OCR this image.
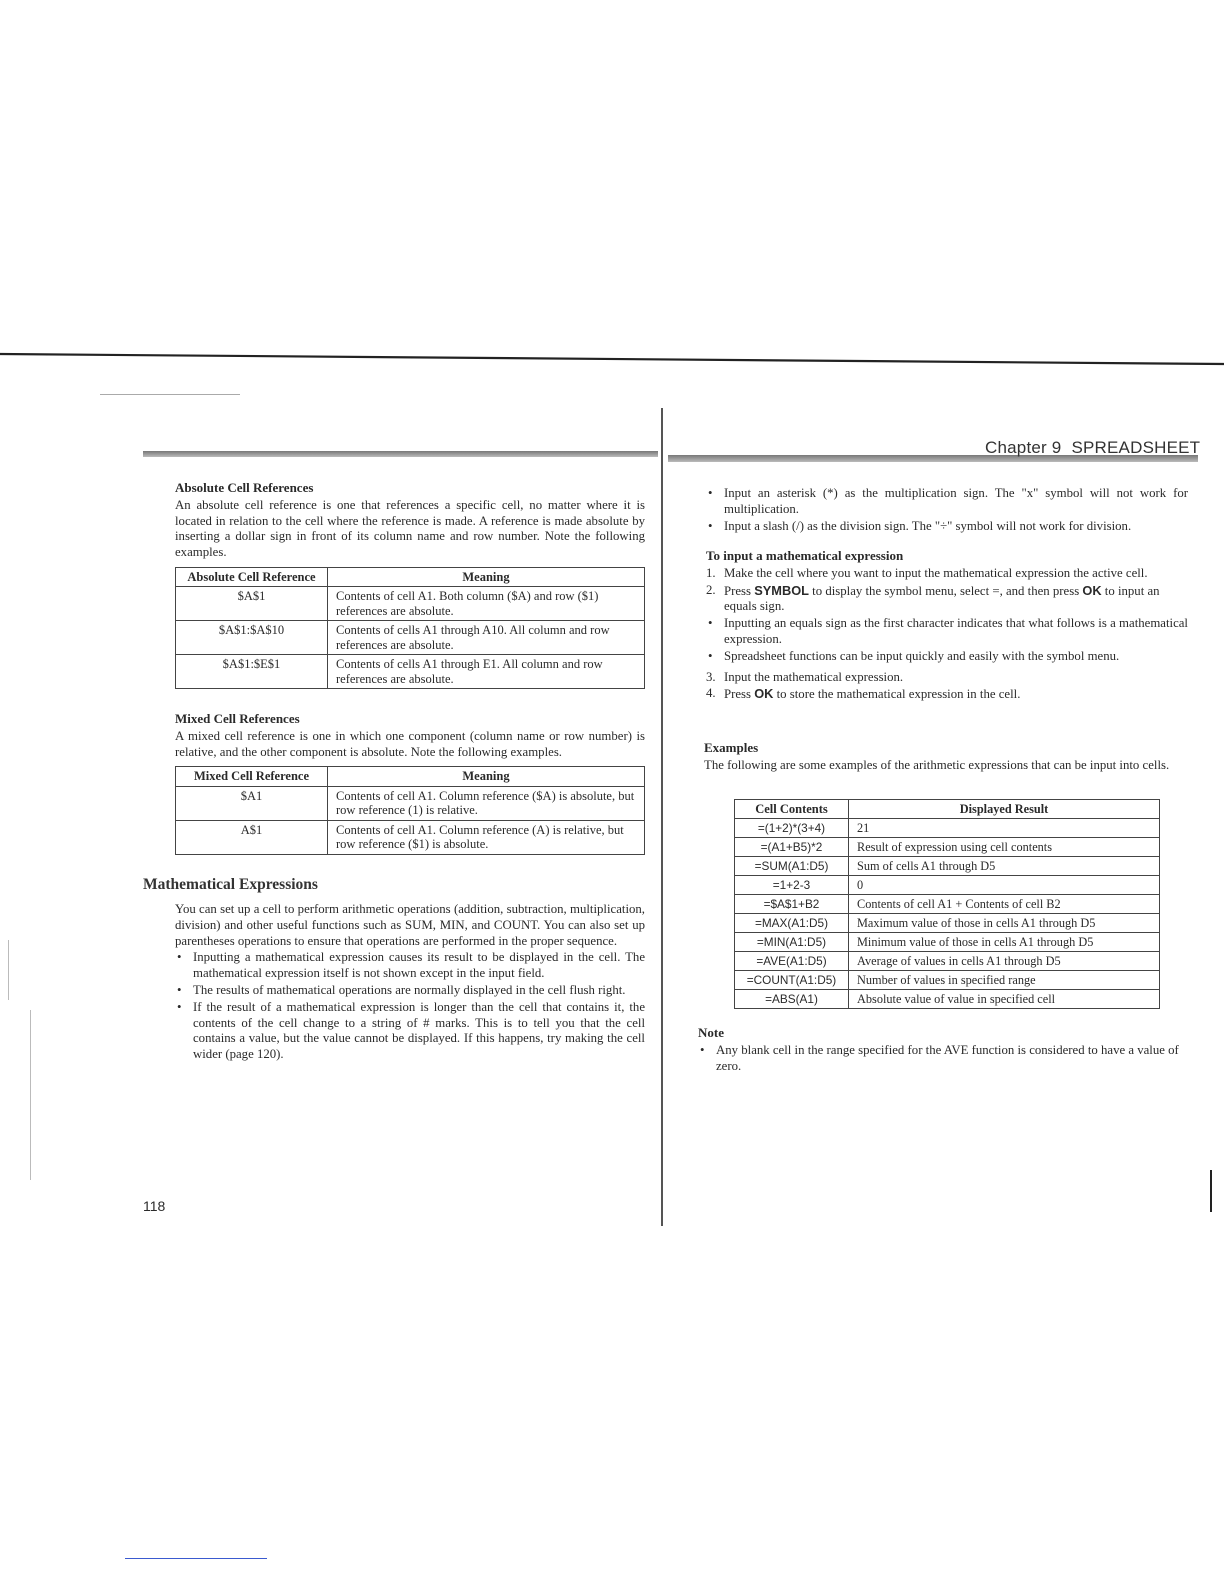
Chapter 9 SPREADSHEET
Absolute Cell References

An absolute cell reference is one that references a specific cell, no matter where it is located in relation to the cell where the reference is made. A reference is made absolute by inserting a dollar sign in front of its column name and row number. Note the following examples.

Absolute Cell Reference	Meaning
$A$1	Contents of cell A1. Both column ($A) and row ($1) references are absolute.
$A$1:$A$10	Contents of cells A1 through A10. All column and row references are absolute.
$A$1:$E$1	Contents of cells A1 through E1. All column and row references are absolute.
Mixed Cell References

A mixed cell reference is one in which one component (column name or row number) is relative, and the other component is absolute. Note the following examples.

Mixed Cell Reference	Meaning
$A1	Contents of cell A1. Column reference ($A) is absolute, but row reference (1) is relative.
A$1	Contents of cell A1. Column reference (A) is relative, but row reference ($1) is absolute.
Mathematical Expressions

You can set up a cell to perform arithmetic operations (addition, subtraction, multiplication, division) and other useful functions such as SUM, MIN, and COUNT. You can also set up parentheses operations to ensure that operations are performed in the proper sequence.

• Inputting a mathematical expression causes its result to be displayed in the cell. The mathematical expression itself is not shown except in the input field.
• The results of mathematical operations are normally displayed in the cell flush right.
• If the result of a mathematical expression is longer than the cell that contains it, the contents of the cell change to a string of # marks. This is to tell you that the cell contains a value, but the value cannot be displayed. If this happens, try making the cell wider (page 120).
118
• Input an asterisk (*) as the multiplication sign. The "x" symbol will not work for multiplication.
• Input a slash (/) as the division sign. The "÷" symbol will not work for division.
To input a mathematical expression
1. Make the cell where you want to input the mathematical expression the active cell.
2. Press SYMBOL to display the symbol menu, select =, and then press OK to input an equals sign.
• Inputting an equals sign as the first character indicates that what follows is a mathematical expression.
• Spreadsheet functions can be input quickly and easily with the symbol menu.
3. Input the mathematical expression.
4. Press OK to store the mathematical expression in the cell.
Examples

The following are some examples of the arithmetic expressions that can be input into cells.

Cell Contents	Displayed Result
=(1+2)*(3+4)	21
=(A1+B5)*2	Result of expression using cell contents
=SUM(A1:D5)	Sum of cells A1 through D5
=1+2-3	0
=$A$1+B2	Contents of cell A1 + Contents of cell B2
=MAX(A1:D5)	Maximum value of those in cells A1 through D5
=MIN(A1:D5)	Minimum value of those in cells A1 through D5
=AVE(A1:D5)	Average of values in cells A1 through D5
=COUNT(A1:D5)	Number of values in specified range
=ABS(A1)	Absolute value of value in specified cell
Note
• Any blank cell in the range specified for the AVE function is considered to have a value of zero.
